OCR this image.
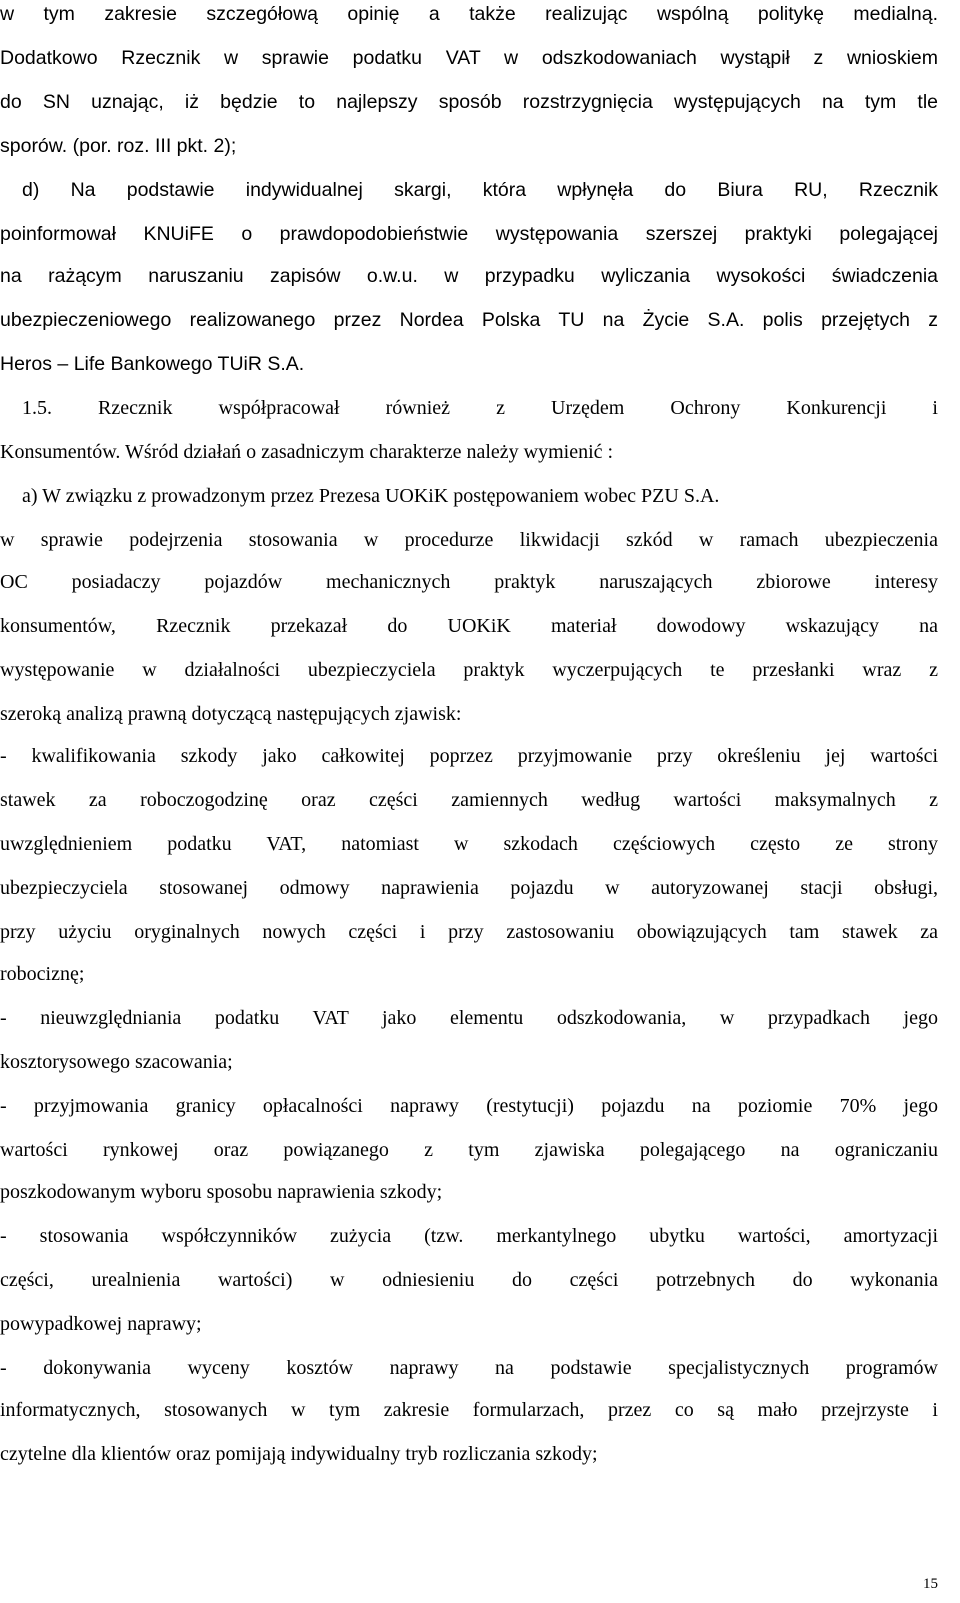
w tym zakresie szczegółową opinię a także realizując wspólną politykę medialną.
Dodatkowo Rzecznik w sprawie podatku VAT w odszkodowaniach wystąpił z wnioskiem
do SN uznając, iż będzie to najlepszy sposób rozstrzygnięcia występujących na tym tle
sporów. (por. roz. III pkt. 2);
d) Na podstawie indywidualnej skargi, która wpłynęła do Biura RU, Rzecznik
poinformował KNUiFE o prawdopodobieństwie występowania szerszej praktyki polegającej
na rażącym naruszaniu zapisów o.w.u. w przypadku wyliczania wysokości świadczenia
ubezpieczeniowego realizowanego przez Nordea Polska TU na Życie S.A. polis przejętych z
Heros – Life Bankowego TUiR S.A.
1.5. Rzecznik współpracował również z Urzędem Ochrony Konkurencji i
Konsumentów. Wśród działań o zasadniczym charakterze należy wymienić :
a) W związku z prowadzonym przez Prezesa UOKiK postępowaniem wobec PZU S.A.
w sprawie podejrzenia stosowania w procedurze likwidacji szkód w ramach ubezpieczenia
OC posiadaczy pojazdów mechanicznych praktyk naruszających zbiorowe interesy
konsumentów, Rzecznik przekazał do UOKiK materiał dowodowy wskazujący na
występowanie w działalności ubezpieczyciela praktyk wyczerpujących te przesłanki wraz z
szeroką analizą prawną dotyczącą następujących zjawisk:
- kwalifikowania szkody jako całkowitej poprzez przyjmowanie przy określeniu jej wartości
stawek za roboczogodzinę oraz części zamiennych według wartości maksymalnych z
uwzględnieniem podatku VAT, natomiast w szkodach częściowych często ze strony
ubezpieczyciela stosowanej odmowy naprawienia pojazdu w autoryzowanej stacji obsługi,
przy użyciu oryginalnych nowych części i przy zastosowaniu obowiązujących tam stawek za
robociznę;
- nieuwzględniania podatku VAT jako elementu odszkodowania, w przypadkach jego
kosztorysowego szacowania;
- przyjmowania granicy opłacalności naprawy (restytucji) pojazdu na poziomie 70% jego
wartości rynkowej oraz powiązanego z tym zjawiska polegającego na ograniczaniu
poszkodowanym wyboru sposobu naprawienia szkody;
- stosowania współczynników zużycia (tzw. merkantylnego ubytku wartości, amortyzacji
części, urealnienia wartości) w odniesieniu do części potrzebnych do wykonania
powypadkowej naprawy;
- dokonywania wyceny kosztów naprawy na podstawie specjalistycznych programów
informatycznych, stosowanych w tym zakresie formularzach, przez co są mało przejrzyste i
czytelne dla klientów oraz pomijają indywidualny tryb rozliczania szkody;
15
